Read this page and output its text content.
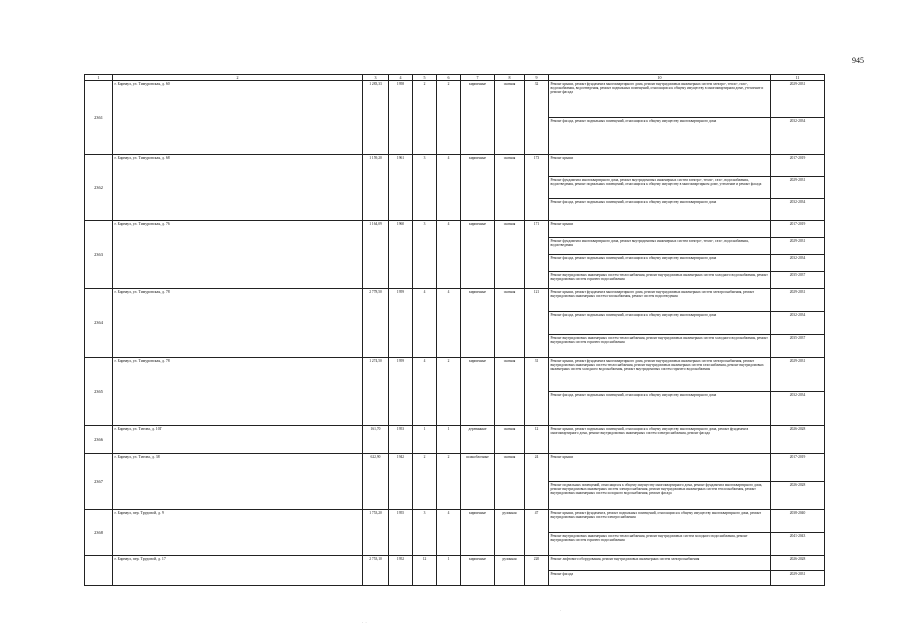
945
1	2	3	4	5	6	7	8	9	10	11
2361	г. Барнаул, ул. Тимуровская, д. 60	1 283,33	1958	2	2	кирпичные	скатная	32	Ремонт крыши, ремонт фундамента многоквартирного дома, ремонт внутридомовых инженерных систем электро-, тепло-, газо-, водоснабжения, водоотведения, ремонт подвальных помещений, относящихся к общему имуществу в многоквартирном доме, утепление и ремонт фасада	2029-2031
									Ремонт фасада, ремонт подвальных помещений, относящихся к общему имуществу многоквартирного дома	2032-2034
2362	г. Барнаул, ул. Тимуровская, д. 68	1 159,20	1961	3	4	кирпичные	скатная	173	Ремонт крыши	2017-2019
									Ремонт фундамента многоквартирного дома, ремонт внутридомовых инженерных систем электро-, тепло-, газо-, водоснабжения, водоотведения, ремонт подвальных помещений, относящихся к общему имуществу в многоквартирном доме, утепление и ремонт фасада	2029-2031
									Ремонт фасада, ремонт подвальных помещений, относящихся к общему имуществу многоквартирного дома	2032-2034
2363	г. Барнаул, ул. Тимуровская, д. 76	1 164,09	1960	3	4	кирпичные	скатная	171	Ремонт крыши	2017-2019
									Ремонт фундамента многоквартирного дома, ремонт внутридомовых инженерных систем электро-, тепло-, газо-, водоснабжения, водоотведения	2029-2031
									Ремонт фасада, ремонт подвальных помещений, относящихся к общему имуществу многоквартирного дома	2032-2034
									Ремонт внутридомовых инженерных систем теплоснабжения, ремонт внутридомовых инженерных систем холодного водоснабжения, ремонт внутридомовых систем горячего водоснабжения	2035-2037
2364	г. Барнаул, ул. Тимуровская, д. 78	2 778,50	1959	4	4	кирпичные	скатная	121	Ремонт крыши, ремонт фундамента многоквартирного дома, ремонт внутридомовых инженерных систем электроснабжения, ремонт внутридомовых инженерных систем газоснабжения, ремонт систем водоотведения	2029-2031
									Ремонт фасада, ремонт подвальных помещений, относящихся к общему имуществу многоквартирного дома	2032-2034
									Ремонт внутридомовых инженерных систем теплоснабжения, ремонт внутридомовых инженерных систем холодного водоснабжения, ремонт внутридомовых систем горячего водоснабжения	2035-2037
2365	г. Барнаул, ул. Тимуровская, д. 78	1 274,50	1959	4	2	кирпичные	скатная	31	Ремонт крыши, ремонт фундамента многоквартирного дома, ремонт внутридомовых инженерных систем электроснабжения, ремонт внутридомовых инженерных систем теплоснабжения, ремонт внутридомовых инженерных систем газоснабжения, ремонт внутридомовых инженерных систем холодного водоснабжения, ремонт внутридомовых систем горячего водоснабжения	2029-2031
									Ремонт фасада, ремонт подвальных помещений, относящихся к общему имуществу многоквартирного дома	2032-2034
2366	г. Барнаул, ул. Титова, д. 10Г	161,70	1953	1	1	деревянные	скатная	12	Ремонт крыши, ремонт подвальных помещений, относящихся к общему имуществу многоквартирного дома, ремонт фундамента многоквартирного дома, ремонт внутридомовых инженерных систем электроснабжения, ремонт фасада	2026-2028
2367	г. Барнаул, ул. Титова, д. 38	622,90	1942	2	2	шлакоблочные	скатная	24	Ремонт крыши	2017-2019
									Ремонт подвальных помещений, относящихся к общему имуществу многоквартирного дома, ремонт фундамента многоквартирного дома, ремонт внутридомовых инженерных систем электроснабжения, ремонт внутридомовых инженерных систем теплоснабжения, ремонт внутридомовых инженерных систем холодного водоснабжения, ремонт фасада	2026-2028
2368	г. Барнаул, пер. Трудовой, д. 9	1 753,20	1955	3	4	кирпичные	рулонная	47	Ремонт крыши, ремонт фундамента, ремонт подвальных помещений, относящихся к общему имуществу многоквартирного дома, ремонт внутридомовых инженерных систем электроснабжения	2038-2040
									Ремонт внутридомовых инженерных систем теплоснабжения, ремонт внутридомовых систем холодного водоснабжения, ремонт внутридомовых систем горячего водоснабжения	2041-2043
	г. Барнаул, пер. Трудовой, д. 17	2 753,10	1952	12	1	кирпичные	рулонная	220	Ремонт лифтового оборудования, ремонт внутридомовых инженерных систем электроснабжения	2026-2028
									Ремонт фасада	2029-2031
·  ·
·
